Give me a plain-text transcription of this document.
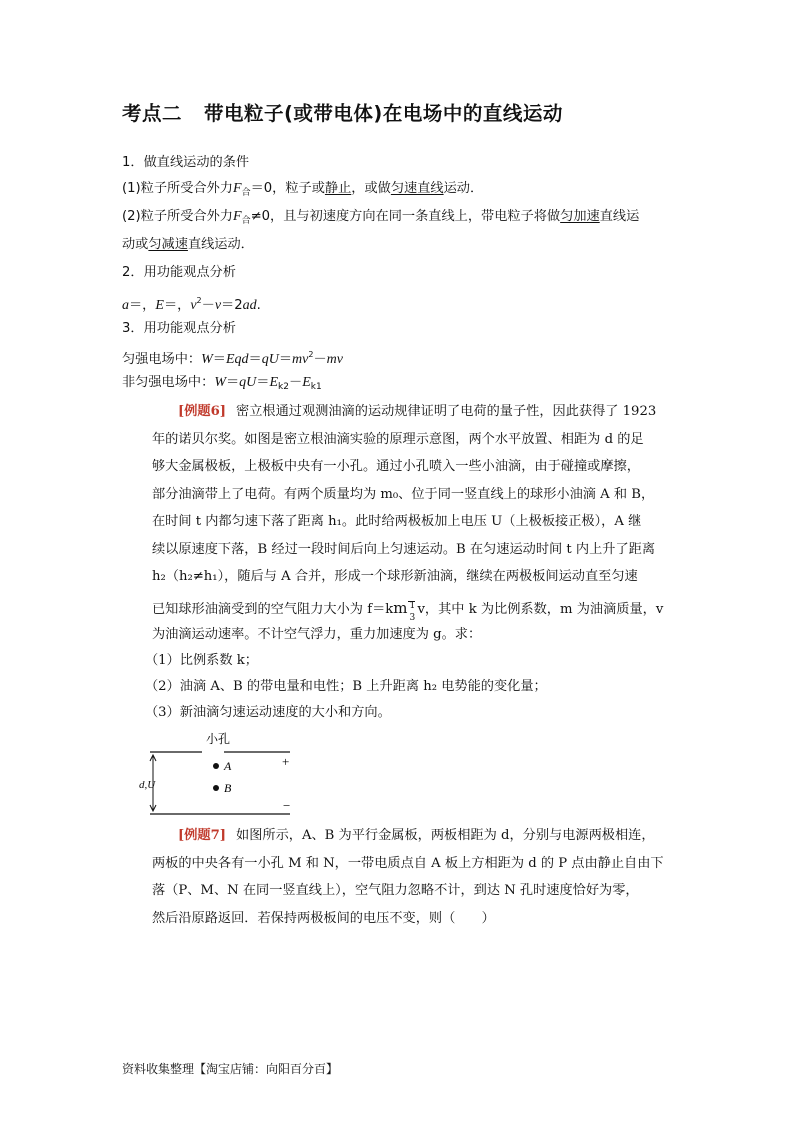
考点二 带电粒子(或带电体)在电场中的直线运动
1．做直线运动的条件
(1)粒子所受合外力$F_合=0$，粒子或静止，或做匀速直线运动．
(2)粒子所受合外力$F_合\ne 0$，且与初速度方向在同一条直线上，带电粒子将做匀加速直线运
动或匀减速直线运动．
2．用功能观点分析
a＝，E＝，$v^2-v=2ad$.
3．用功能观点分析
匀强电场中：$W=Eqd=qU=mv^2-mv$
非匀强电场中：$W=qU=E_{k2}-E_{k1}$
[例题6] 密立根通过观测油滴的运动规律证明了电荷的量子性，因此获得了 1923
年的诺贝尔奖。如图是密立根油滴实验的原理示意图，两个水平放置、相距为 d 的足
够大金属极板，上极板中央有一小孔。通过小孔喷入一些小油滴，由于碰撞或摩擦，
部分油滴带上了电荷。有两个质量均为 m₀、位于同一竖直线上的球形小油滴 A 和 B，
在时间 t 内都匀速下落了距离 h₁。此时给两极板加上电压 U（上极板接正极），A 继
续以原速度下落，B 经过一段时间后向上匀速运动。B 在匀速运动时间 t 内上升了距离
h₂（h₂≠h₁），随后与 A 合并，形成一个球形新油滴，继续在两极板间运动直至匀速
已知球形油滴受到的空气阻力大小为 f＝km 1
3
v，其中 k 为比例系数，m 为油滴质量，v
为油滴运动速率。不计空气浮力，重力加速度为 g。求：
（1）比例系数 k；
（2）油滴 A、B 的带电量和电性；B 上升距离 h₂ 电势能的变化量；
（3）新油滴匀速运动速度的大小和方向。
小孔
A
B
d,U
+
−
[例题7] 如图所示，A、B 为平行金属板，两板相距为 d，分别与电源两极相连，
两板的中央各有一小孔 M 和 N，一带电质点自 A 板上方相距为 d 的 P 点由静止自由下
落（P、M、N 在同一竖直线上），空气阻力忽略不计，到达 N 孔时速度恰好为零，
然后沿原路返回．若保持两极板间的电压不变，则（　　）
资料收集整理【淘宝店铺：向阳百分百】
